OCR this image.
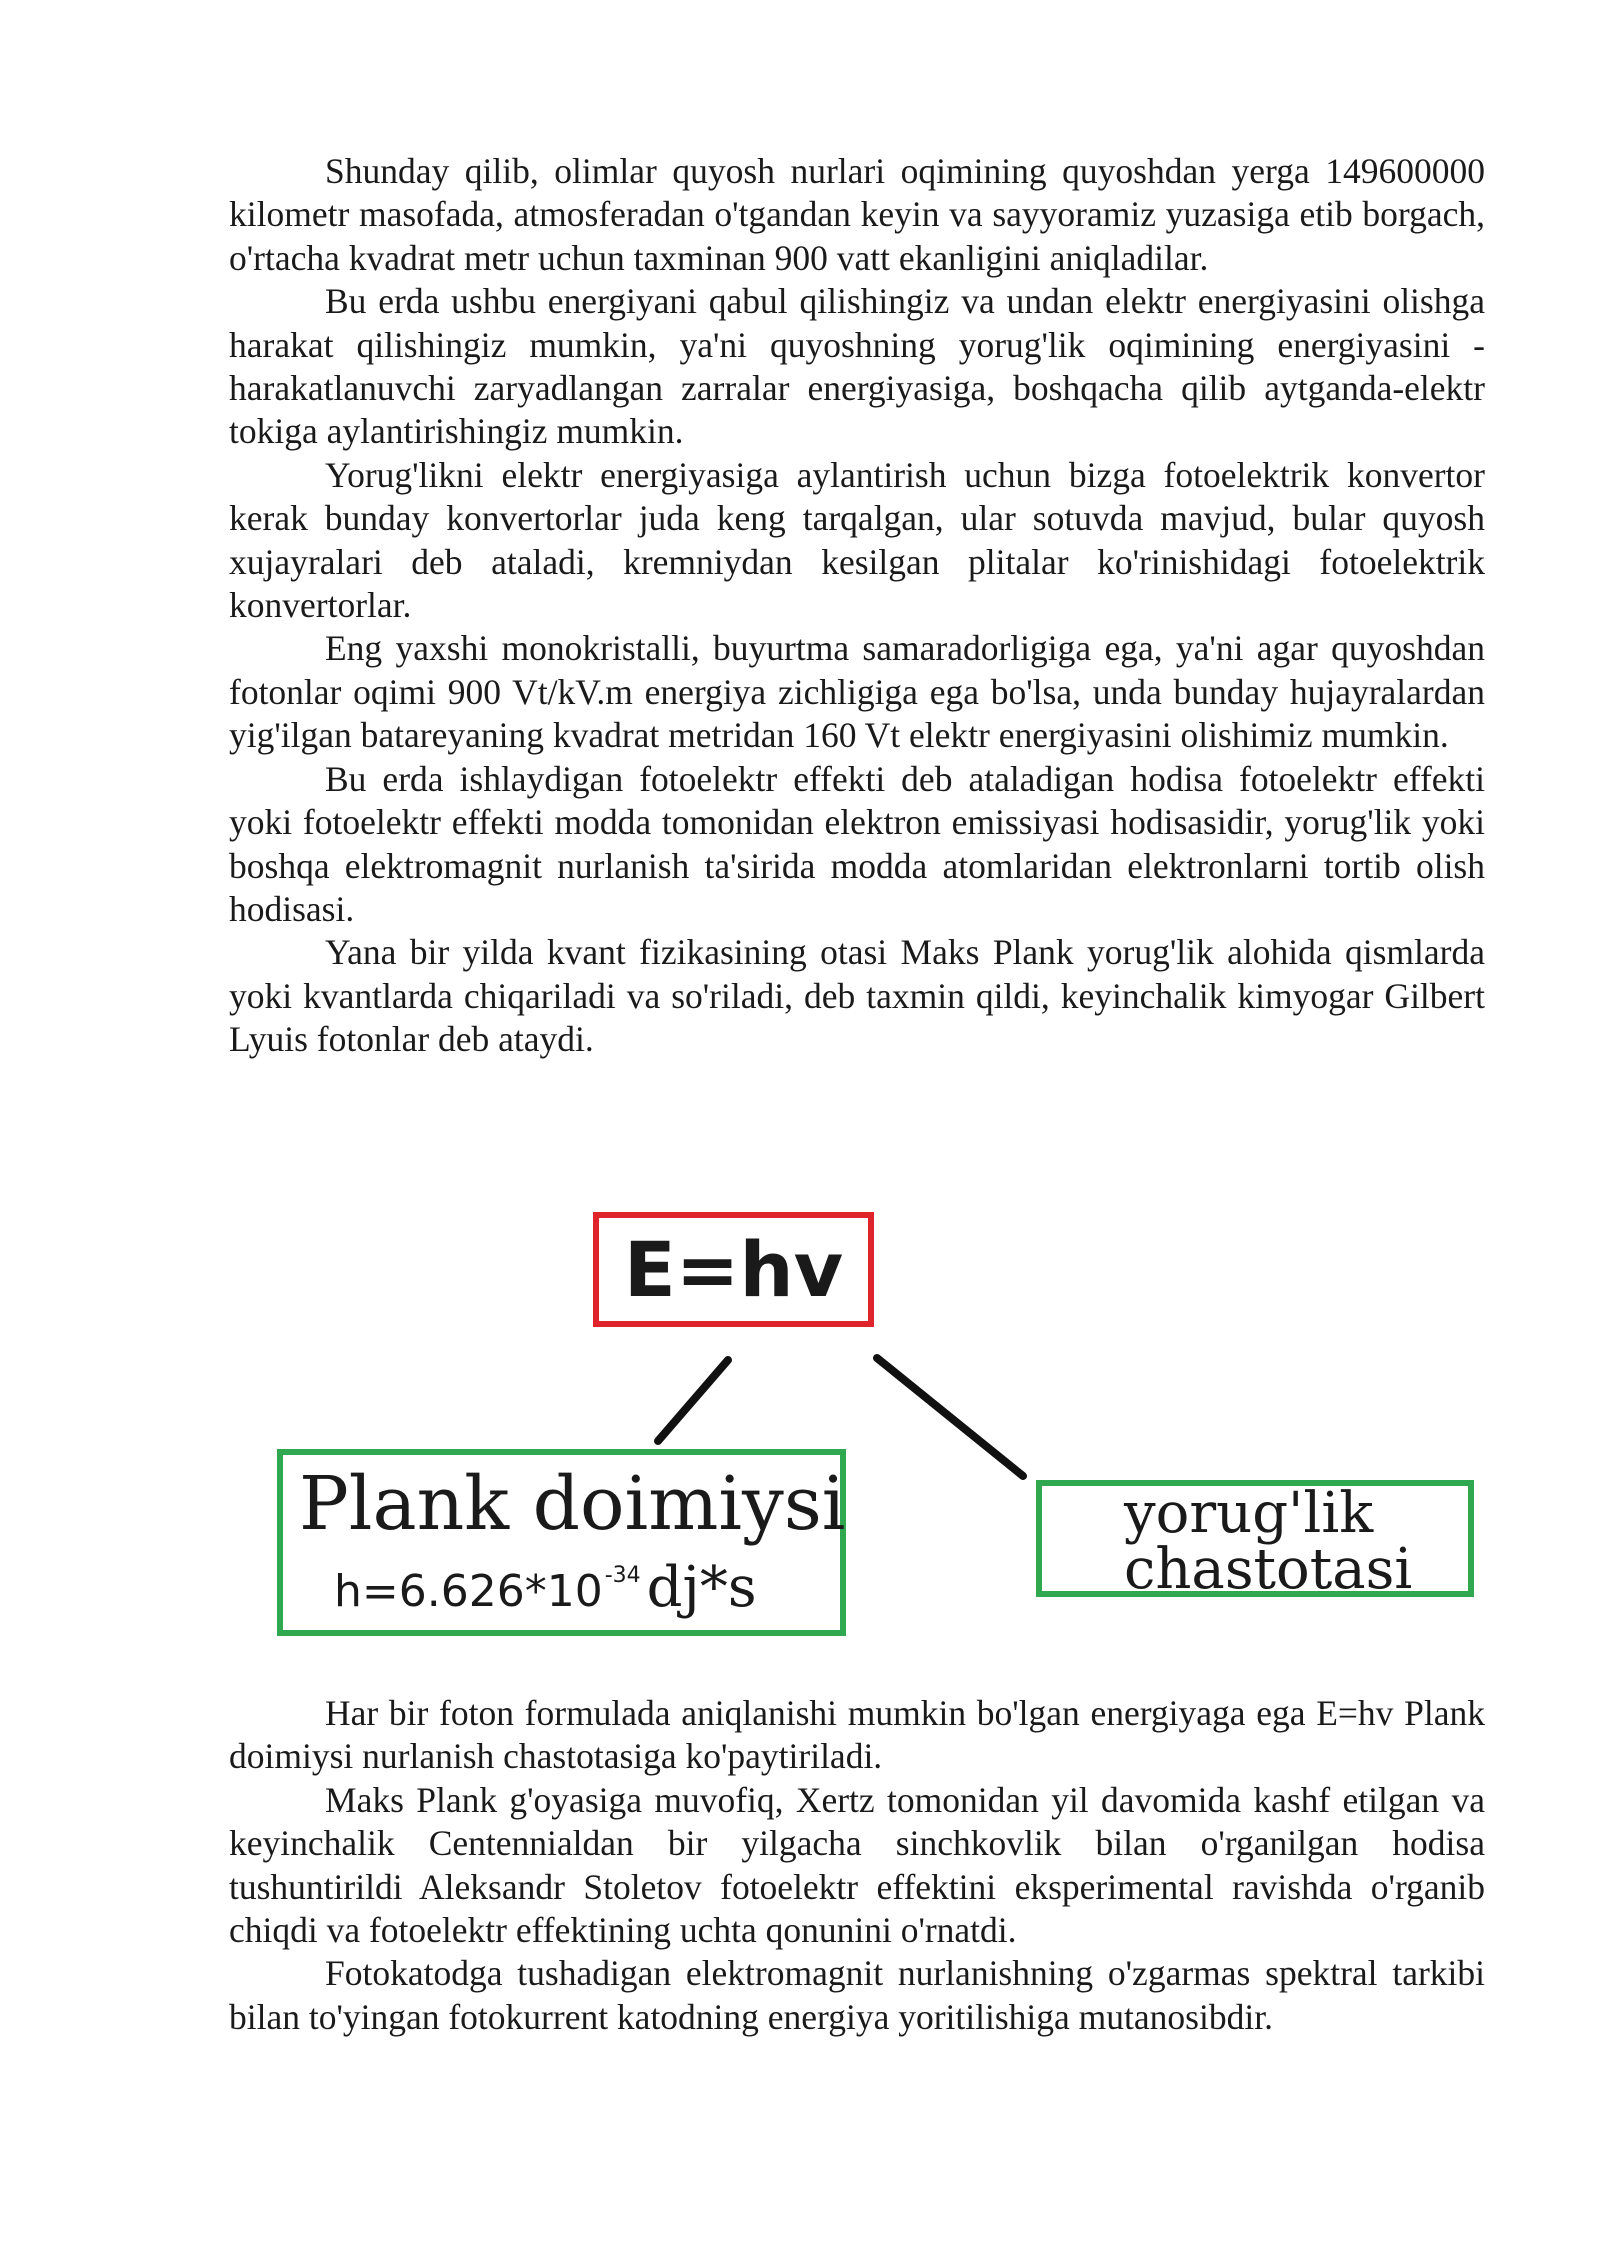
Shunday qilib, olimlar quyosh nurlari oqimining quyoshdan yerga 149600000 kilometr masofada, atmosferadan o'tgandan keyin va sayyoramiz yuzasiga etib borgach, o'rtacha kvadrat metr uchun taxminan 900 vatt ekanligini aniqladilar.

Bu erda ushbu energiyani qabul qilishingiz va undan elektr energiyasini olishga harakat qilishingiz mumkin, ya'ni quyoshning yorug'lik oqimining energiyasini - harakatlanuvchi zaryadlangan zarralar energiyasiga, boshqacha qilib aytganda-elektr tokiga aylantirishingiz mumkin.

Yorug'likni elektr energiyasiga aylantirish uchun bizga fotoelektrik konvertor kerak bunday konvertorlar juda keng tarqalgan, ular sotuvda mavjud, bular quyosh xujayralari deb ataladi, kremniydan kesilgan plitalar ko'rinishidagi fotoelektrik konvertorlar.

Eng yaxshi monokristalli, buyurtma samaradorligiga ega, ya'ni agar quyoshdan fotonlar oqimi 900 Vt/kV.m energiya zichligiga ega bo'lsa, unda bunday hujayralardan yig'ilgan batareyaning kvadrat metridan 160 Vt elektr energiyasini olishimiz mumkin.

Bu erda ishlaydigan fotoelektr effekti deb ataladigan hodisa fotoelektr effekti yoki fotoelektr effekti modda tomonidan elektron emissiyasi hodisasidir, yorug'lik yoki boshqa elektromagnit nurlanish ta'sirida modda atomlaridan elektronlarni tortib olish hodisasi.

Yana bir yilda kvant fizikasining otasi Maks Plank yorug'lik alohida qismlarda yoki kvantlarda chiqariladi va so'riladi, deb taxmin qildi, keyinchalik kimyogar Gilbert Lyuis fotonlar deb ataydi.

E=hv
Plank doimiysi
h=6.626*10-34 dj*s
yorug'lik
chastotasi

Har bir foton formulada aniqlanishi mumkin bo'lgan energiyaga ega E=hv Plank doimiysi nurlanish chastotasiga ko'paytiriladi.

Maks Plank g'oyasiga muvofiq, Xertz tomonidan yil davomida kashf etilgan va keyinchalik Centennialdan bir yilgacha sinchkovlik bilan o'rganilgan hodisa tushuntirildi Aleksandr Stoletov fotoelektr effektini eksperimental ravishda o'rganib chiqdi va fotoelektr effektining uchta qonunini o'rnatdi.

Fotokatodga tushadigan elektromagnit nurlanishning o'zgarmas spektral tarkibi bilan to'yingan fotokurrent katodning energiya yoritilishiga mutanosibdir.
